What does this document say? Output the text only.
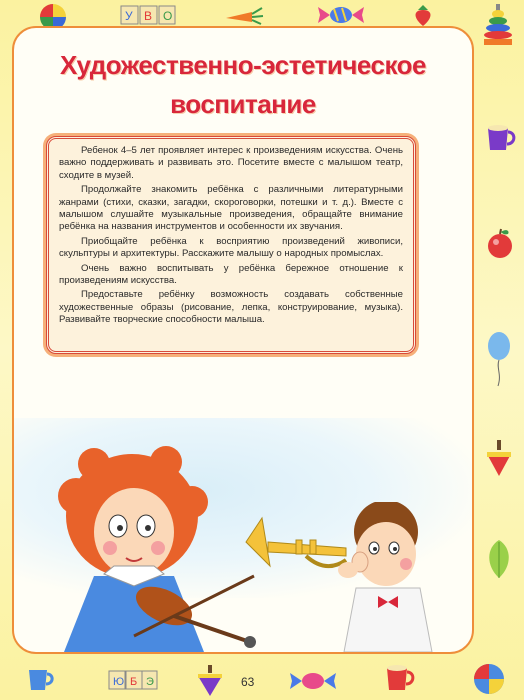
У В О
Художественно-эстетическое
воспитание

Ребенок 4–5 лет проявляет интерес к произведениям искусства. Очень важно поддерживать и развивать это. Посетите вместе с малышом театр, сходите в музей.

Продолжайте знакомить ребёнка с различными литературными жанрами (стихи, сказки, загадки, скороговорки, потешки и т. д.). Вместе с малышом слушайте музыкальные произведения, обращайте внимание ребёнка на названия инструментов и особенности их звучания.

Приобщайте ребёнка к восприятию произведений живописи, скульптуры и архитектуры. Расскажите малышу о народных промыслах.

Очень важно воспитывать у ребёнка бережное отношение к произведениям искусства.

Предоставьте ребёнку возможность создавать собственные художественные образы (рисование, лепка, конструирование, музыка). Развивайте творческие способности малыша.

Ю Б Э	63
